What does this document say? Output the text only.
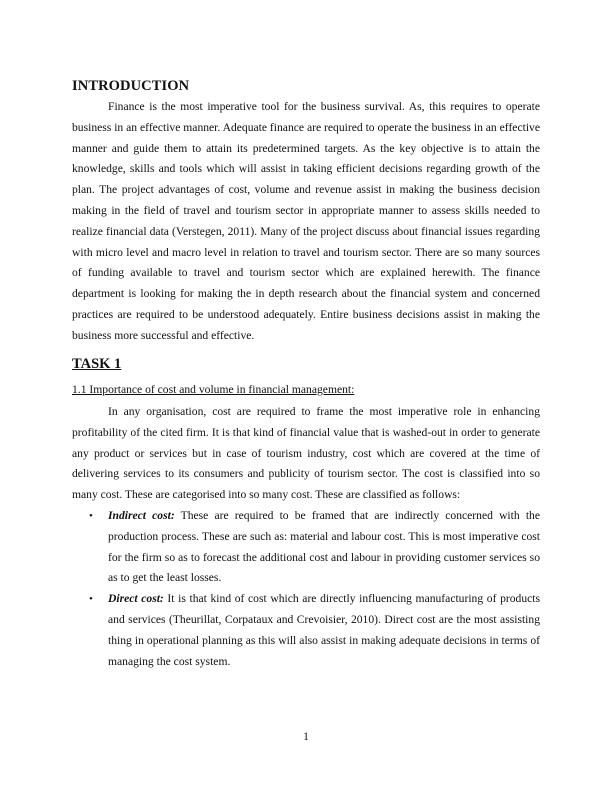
INTRODUCTION

Finance is the most imperative tool for the business survival. As, this requires to operate business in an effective manner. Adequate finance are required to operate the business in an effective manner and guide them to attain its predetermined targets. As the key objective is to attain the knowledge, skills and tools which will assist in taking efficient decisions regarding growth of the plan. The project advantages of cost, volume and revenue assist in making the business decision making in the field of travel and tourism sector in appropriate manner to assess skills needed to realize financial data (Verstegen, 2011). Many of the project discuss about financial issues regarding with micro level and macro level in relation to travel and tourism sector. There are so many sources of funding available to travel and tourism sector which are explained herewith. The finance department is looking for making the in depth research about the financial system and concerned practices are required to be understood adequately. Entire business decisions assist in making the business more successful and effective.

TASK 1
1.1 Importance of cost and volume in financial management:

In any organisation, cost are required to frame the most imperative role in enhancing profitability of the cited firm. It is that kind of financial value that is washed-out in order to generate any product or services but in case of tourism industry, cost which are covered at the time of delivering services to its consumers and publicity of tourism sector. The cost is classified into so many cost. These are categorised into so many cost. These are classified as follows:

• Indirect cost: These are required to be framed that are indirectly concerned with the production process. These are such as: material and labour cost. This is most imperative cost for the firm so as to forecast the additional cost and labour in providing customer services so as to get the least losses.
• Direct cost: It is that kind of cost which are directly influencing manufacturing of products and services (Theurillat, Corpataux and Crevoisier, 2010). Direct cost are the most assisting thing in operational planning as this will also assist in making adequate decisions in terms of managing the cost system.
1
